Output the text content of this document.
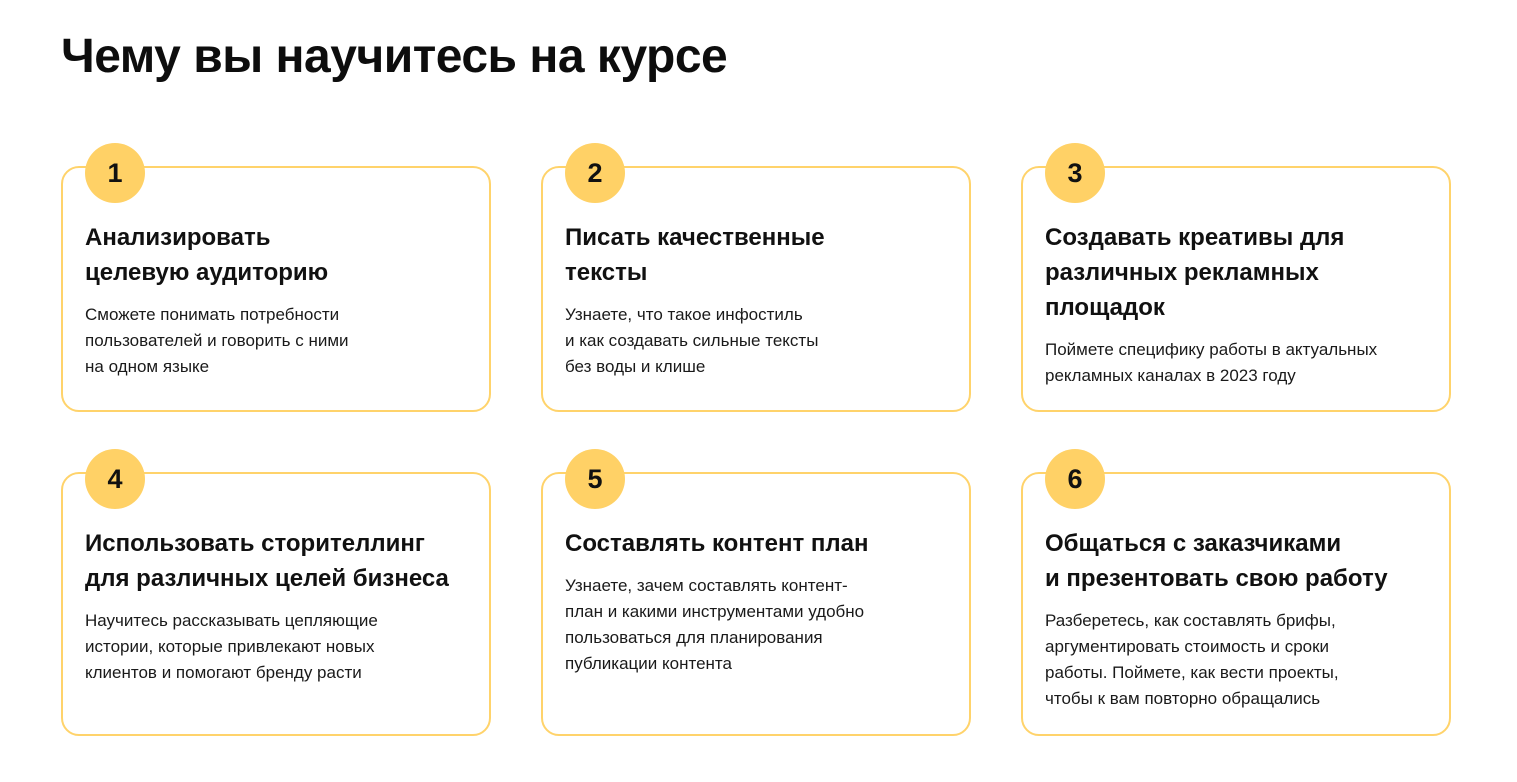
Чему вы научитесь на курсе
1
Анализировать
целевую аудиторию

Сможете понимать потребности
пользователей и говорить с ними
на одном языке

2
Писать качественные
тексты

Узнаете, что такое инфостиль
и как создавать сильные тексты
без воды и клише

3
Создавать креативы для
различных рекламных
площадок

Поймете специфику работы в актуальных
рекламных каналах в 2023 году

4
Использовать сторителлинг
для различных целей бизнеса

Научитесь рассказывать цепляющие
истории, которые привлекают новых
клиентов и помогают бренду расти

5
Составлять контент план

Узнаете, зачем составлять контент-
план и какими инструментами удобно
пользоваться для планирования
публикации контента

6
Общаться с заказчиками
и презентовать свою работу

Разберетесь, как составлять брифы,
аргументировать стоимость и сроки
работы. Поймете, как вести проекты,
чтобы к вам повторно обращались
